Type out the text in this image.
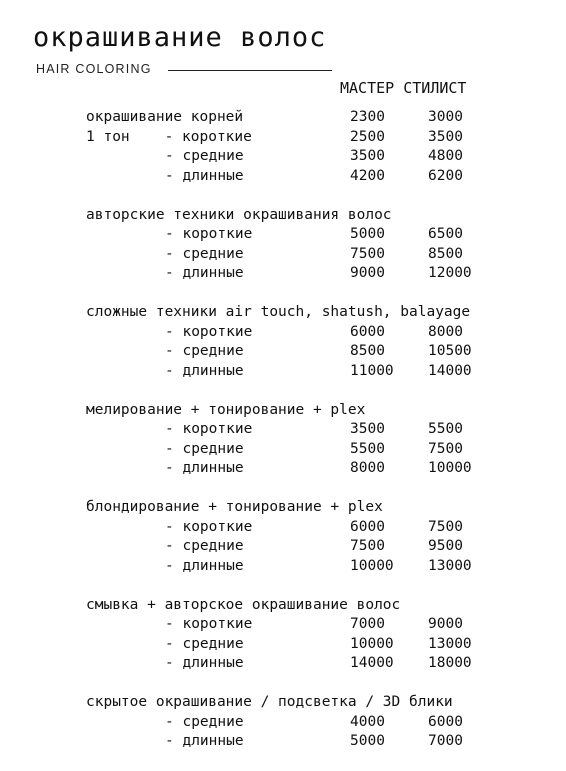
окрашивание волос
HAIR COLORING
МАСТЕР СТИЛИСТ
окрашивание корней	2300	3000
1 тон    - короткие	2500	3500
- средние	3500	4800
- длинные	4200	6200
авторские техники окрашивания волос
- короткие	5000	6500
- средние	7500	8500
- длинные	9000	12000
сложные техники air touch, shatush, balayage
- короткие	6000	8000
- средние	8500	10500
- длинные	11000 14000
мелирование + тонирование + plex
- короткие	3500	5500
- средние	5500	7500
- длинные	8000	10000
блондирование + тонирование + plex
- короткие	6000	7500
- средние	7500	9500
- длинные	10000 13000
смывка + авторское окрашивание волос
- короткие	7000	9000
- средние	10000 13000
- длинные	14000 18000
скрытое окрашивание / подсветка / 3D блики
- средние	4000	6000
- длинные	5000	7000
